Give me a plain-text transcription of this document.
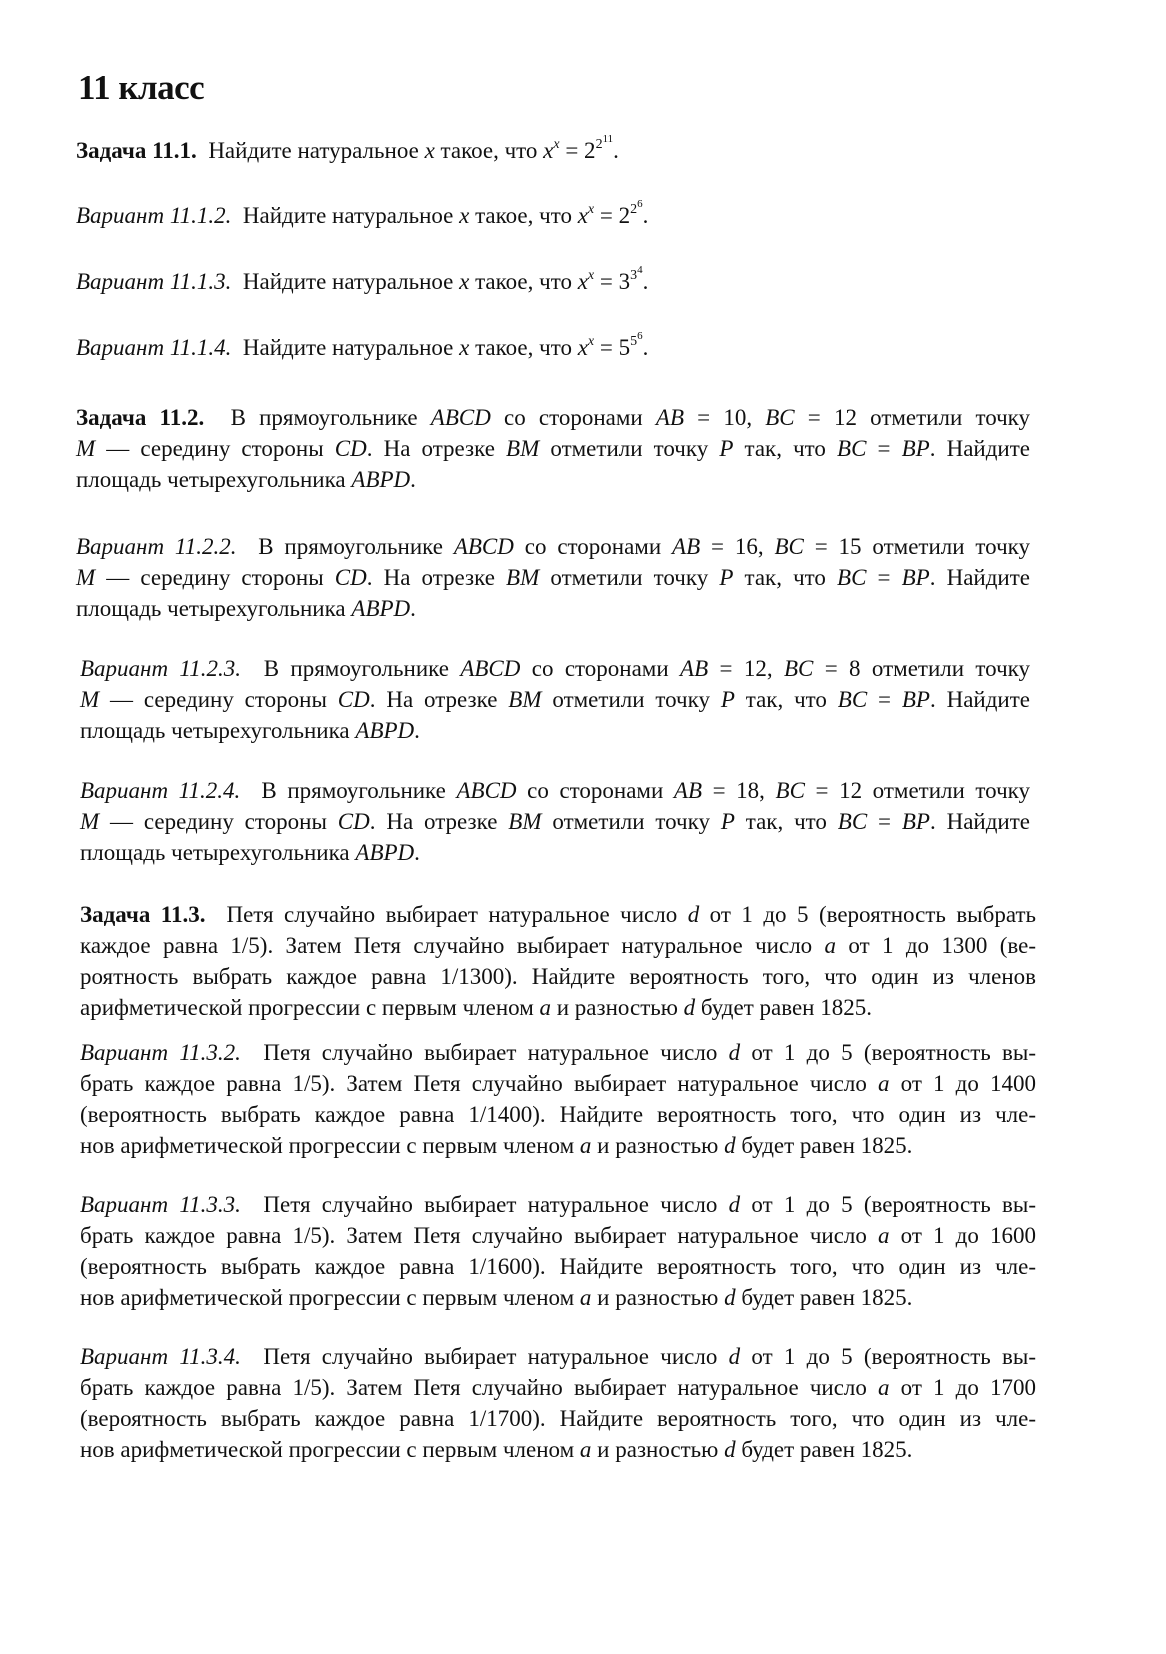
11 класс
Задача 11.1.  Найдите натуральное x такое, что $x^x = 2^{2^{11}}$.
Вариант 11.1.2.  Найдите натуральное x такое, что $x^x = 2^{2^6}$.
Вариант 11.1.3.  Найдите натуральное x такое, что $x^x = 3^{3^4}$.
Вариант 11.1.4.  Найдите натуральное x такое, что $x^x = 5^{5^6}$.
Задача 11.2.  В прямоугольнике ABCD со сторонами AB = 10, BC = 12 отметили точку
M — середину стороны CD. На отрезке BM отметили точку P так, что BC = BP. Найдите
площадь четырехугольника ABPD.
Вариант 11.2.2.  В прямоугольнике ABCD со сторонами AB = 16, BC = 15 отметили точку
M — середину стороны CD. На отрезке BM отметили точку P так, что BC = BP. Найдите
площадь четырехугольника ABPD.
Вариант 11.2.3.  В прямоугольнике ABCD со сторонами AB = 12, BC = 8 отметили точку
M — середину стороны CD. На отрезке BM отметили точку P так, что BC = BP. Найдите
площадь четырехугольника ABPD.
Вариант 11.2.4.  В прямоугольнике ABCD со сторонами AB = 18, BC = 12 отметили точку
M — середину стороны CD. На отрезке BM отметили точку P так, что BC = BP. Найдите
площадь четырехугольника ABPD.
Задача 11.3.  Петя случайно выбирает натуральное число d от 1 до 5 (вероятность выбрать
каждое равна 1/5). Затем Петя случайно выбирает натуральное число a от 1 до 1300 (ве-
роятность выбрать каждое равна 1/1300). Найдите вероятность того, что один из членов
арифметической прогрессии с первым членом a и разностью d будет равен 1825.
Вариант 11.3.2.  Петя случайно выбирает натуральное число d от 1 до 5 (вероятность вы-
брать каждое равна 1/5). Затем Петя случайно выбирает натуральное число a от 1 до 1400
(вероятность выбрать каждое равна 1/1400). Найдите вероятность того, что один из чле-
нов арифметической прогрессии с первым членом a и разностью d будет равен 1825.
Вариант 11.3.3.  Петя случайно выбирает натуральное число d от 1 до 5 (вероятность вы-
брать каждое равна 1/5). Затем Петя случайно выбирает натуральное число a от 1 до 1600
(вероятность выбрать каждое равна 1/1600). Найдите вероятность того, что один из чле-
нов арифметической прогрессии с первым членом a и разностью d будет равен 1825.
Вариант 11.3.4.  Петя случайно выбирает натуральное число d от 1 до 5 (вероятность вы-
брать каждое равна 1/5). Затем Петя случайно выбирает натуральное число a от 1 до 1700
(вероятность выбрать каждое равна 1/1700). Найдите вероятность того, что один из чле-
нов арифметической прогрессии с первым членом a и разностью d будет равен 1825.
